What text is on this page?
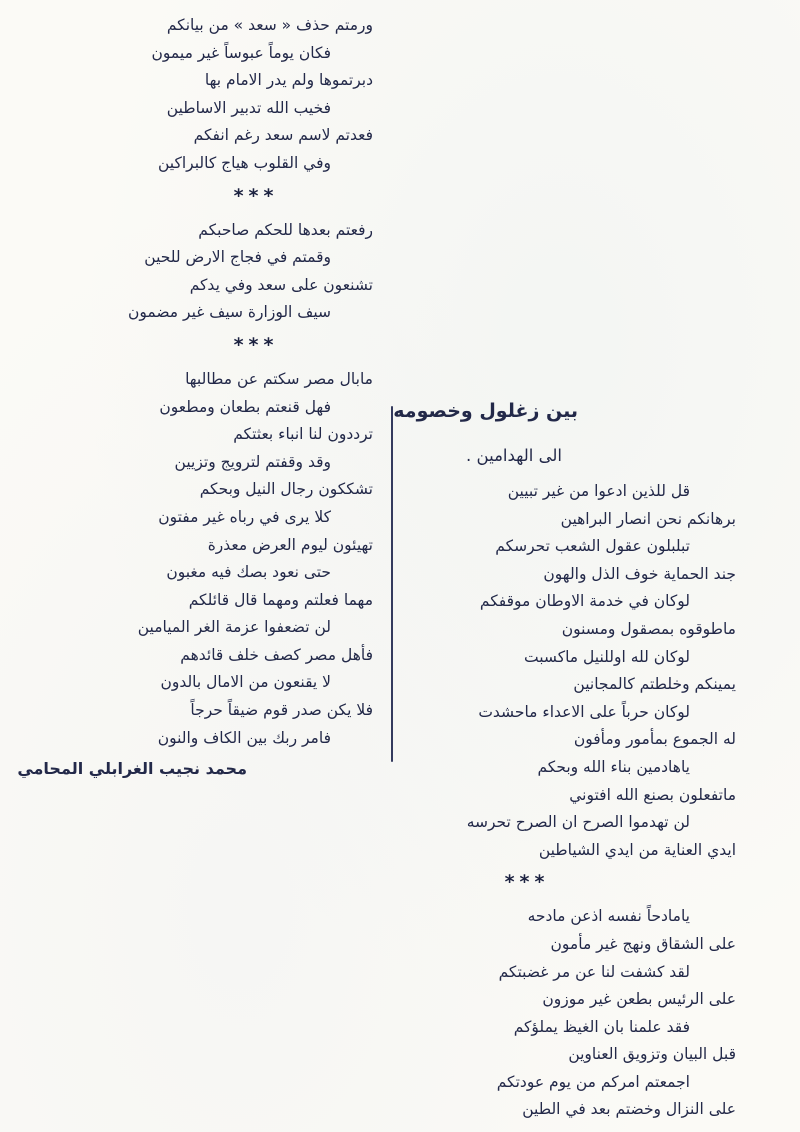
ورمتم حذف « سعد » من بيانكم
فكان يوماً عبوساً غير ميمون
دبرتموها ولم يدر الامام بها
فخيب الله تدبير الاساطين
فعدتم لاسم سعد رغم انفكم
وفي القلوب هياج كالبراكين
***
رفعتم بعدها للحكم صاحبكم
وقمتم في فجاج الارض للحين
تشنعون على سعد وفي يدكم
سيف الوزارة سيف غير مضمون
***
مابال مصر سكتم عن مطالبها
فهل قنعتم بطعان ومطعون
ترددون لنا انباء بعثتكم
وقد وقفتم لترويج وتزيين
تشككون رجال النيل وبحكم
كلا يرى في رباه غير مفتون
تهيئون ليوم العرض معذرة
حتى نعود بصك فيه مغبون
مهما فعلتم ومهما قال قائلكم
لن تضعفوا عزمة الغر الميامين
فأهل مصر كصف خلف قائدهم
لا يقنعون من الامال بالدون
فلا يكن صدر قوم ضيقاً حرجاً
فامر ربك بين الكاف والنون
محمد نجيب الغرابلي المحامي
بين زغلول وخصومه
الى الهدامين .
قل للذين ادعوا من غير تبيين
برهانكم نحن انصار البراهين
تبلبلون عقول الشعب تحرسكم
جند الحماية خوف الذل والهون
لوكان في خدمة الاوطان موقفكم
ماطوقوه بمصقول ومسنون
لوكان لله اوللنيل ماكسبت
يمينكم وخلطتم كالمجانين
لوكان حرباً على الاعداء ماحشدت
له الجموع بمأمور ومأفون
ياهادمين بناء الله وبحكم
ماتفعلون بصنع الله افتوني
لن تهدموا الصرح ان الصرح تحرسه
ايدي العناية من ايدي الشياطين
***
يامادحاً نفسه اذعن مادحه
على الشقاق ونهج غير مأمون
لقد كشفت لنا عن مر غضبتكم
على الرئيس بطعن غير موزون
فقد علمنا بان الغيظ يملؤكم
قبل البيان وتزويق العناوين
اجمعتم امركم من يوم عودتكم
على النزال وخضتم بعد في الطين
